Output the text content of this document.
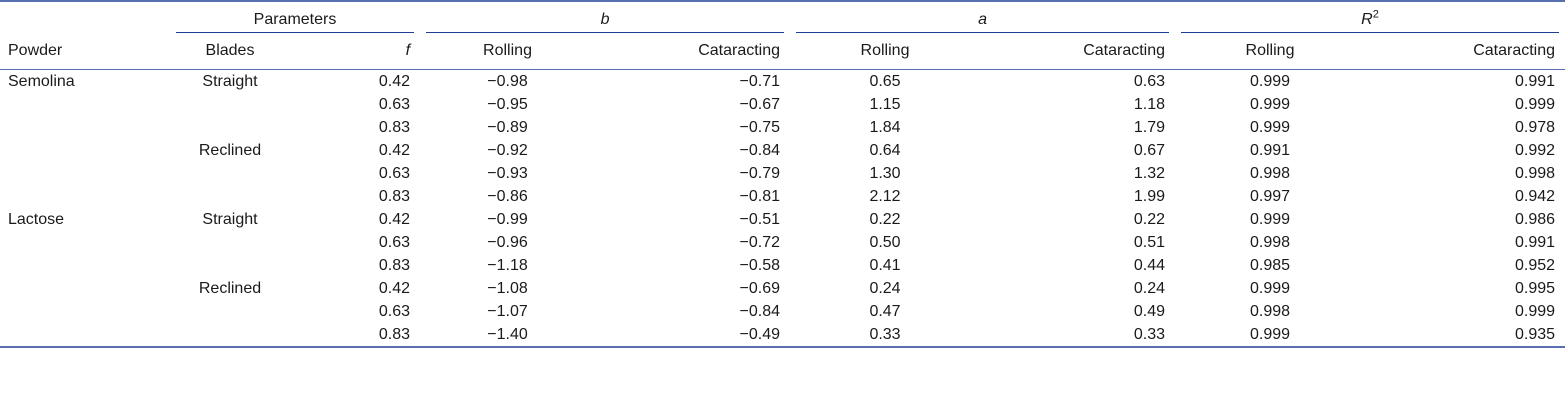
	Parameters		b		a		$R^2$

Powder	Blades	f	Rolling	Cataracting	Rolling	Cataracting	Rolling	Cataracting
Semolina	Straight	0.42	−0.98	−0.71	0.65	0.63	0.999	0.991
		0.63	−0.95	−0.67	1.15	1.18	0.999	0.999
		0.83	−0.89	−0.75	1.84	1.79	0.999	0.978
	Reclined	0.42	−0.92	−0.84	0.64	0.67	0.991	0.992
		0.63	−0.93	−0.79	1.30	1.32	0.998	0.998
		0.83	−0.86	−0.81	2.12	1.99	0.997	0.942
Lactose	Straight	0.42	−0.99	−0.51	0.22	0.22	0.999	0.986
		0.63	−0.96	−0.72	0.50	0.51	0.998	0.991
		0.83	−1.18	−0.58	0.41	0.44	0.985	0.952
	Reclined	0.42	−1.08	−0.69	0.24	0.24	0.999	0.995
		0.63	−1.07	−0.84	0.47	0.49	0.998	0.999
		0.83	−1.40	−0.49	0.33	0.33	0.999	0.935
